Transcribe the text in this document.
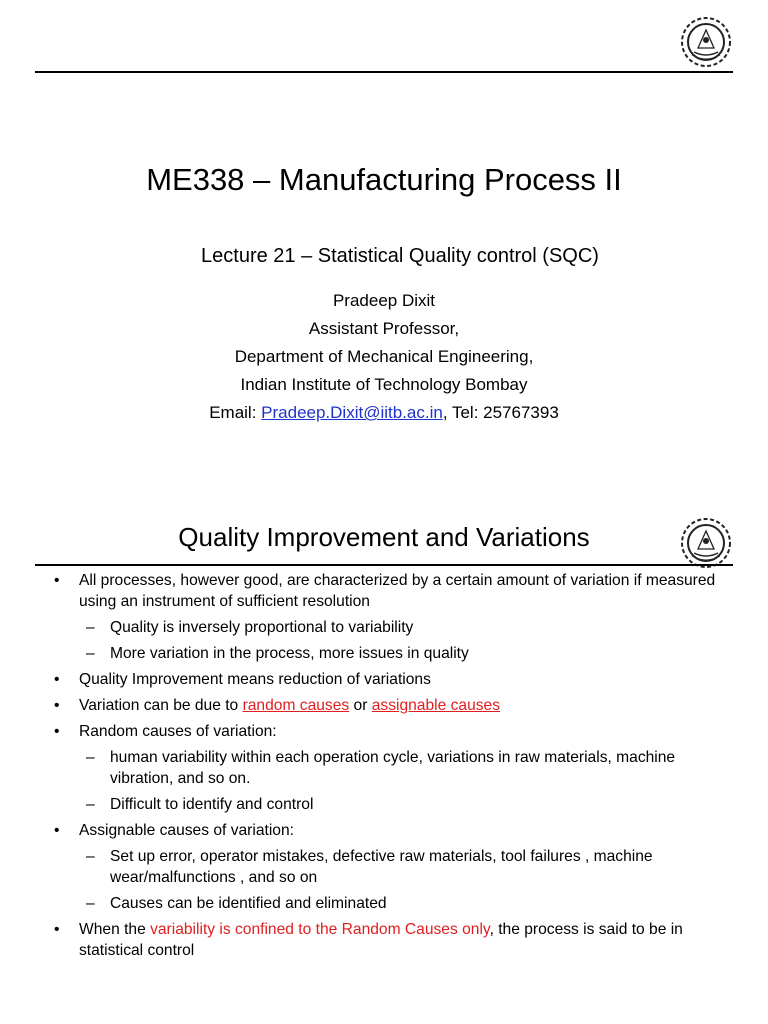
ME338 – Manufacturing Process II
Lecture 21 – Statistical Quality control (SQC)
Pradeep Dixit
Assistant Professor,
Department of Mechanical Engineering,
Indian Institute of Technology Bombay
Email: Pradeep.Dixit@iitb.ac.in, Tel: 25767393
Quality Improvement and Variations
• All processes, however good, are characterized by a certain amount of variation if measured using an instrument of sufficient resolution
– Quality is inversely proportional to variability
– More variation in the process, more issues in quality
• Quality Improvement means reduction of variations
• Variation can be due to random causes or assignable causes
• Random causes of variation:
– human variability within each operation cycle, variations in raw materials, machine vibration, and so on.
– Difficult to identify and control
• Assignable causes of variation:
– Set up error, operator mistakes, defective raw materials, tool failures , machine wear/malfunctions , and so on
– Causes can be identified and eliminated
• When the variability is confined to the Random Causes only, the process is said to be in statistical control
